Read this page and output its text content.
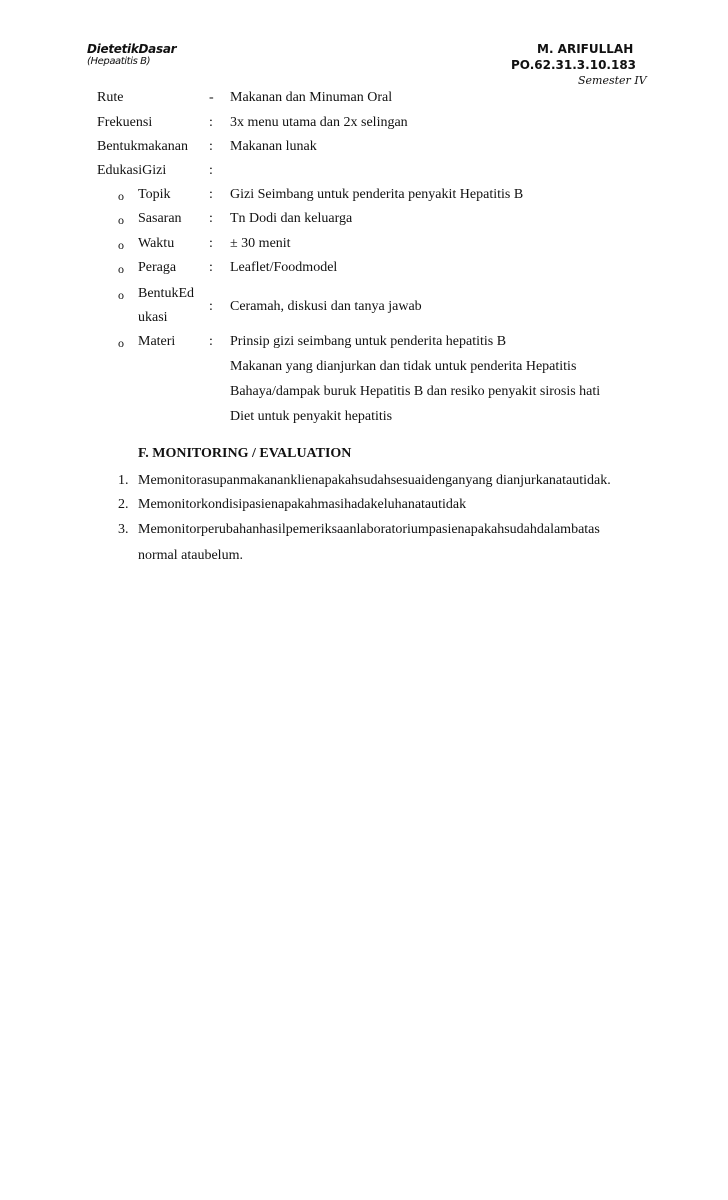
DietetikDasar
(Hepaatitis B)
M. ARIFULLAH
PO.62.31.3.10.183
Semester IV
Rute	- Makanan dan Minuman Oral
Frekuensi	: 3x menu utama dan 2x selingan
Bentukmakanan : Makanan lunak
EdukasiGizi	:
o Topik	: Gizi Seimbang untuk penderita penyakit Hepatitis B
o Sasaran : Tn Dodi dan keluarga
o Waktu : ± 30 menit
o Peraga : Leaflet/Foodmodel
o BentukEd
ukasi
: Ceramah, diskusi dan tanya jawab
o Materi : Prinsip gizi seimbang untuk penderita hepatitis B
Makanan yang dianjurkan dan tidak untuk penderita Hepatitis
Bahaya/dampak buruk Hepatitis B dan resiko penyakit sirosis hati
Diet untuk penyakit hepatitis
F. MONITORING / EVALUATION
1. Memonitorasupanmakananklienapakahsudahsesuaidenganyang dianjurkanatautidak.
2. Memonitorkondisipasienapakahmasihadakeluhanatautidak
3. Memonitorperubahanhasilpemeriksaanlaboratoriumpasienapakahsudahdalambatas
normal ataubelum.
